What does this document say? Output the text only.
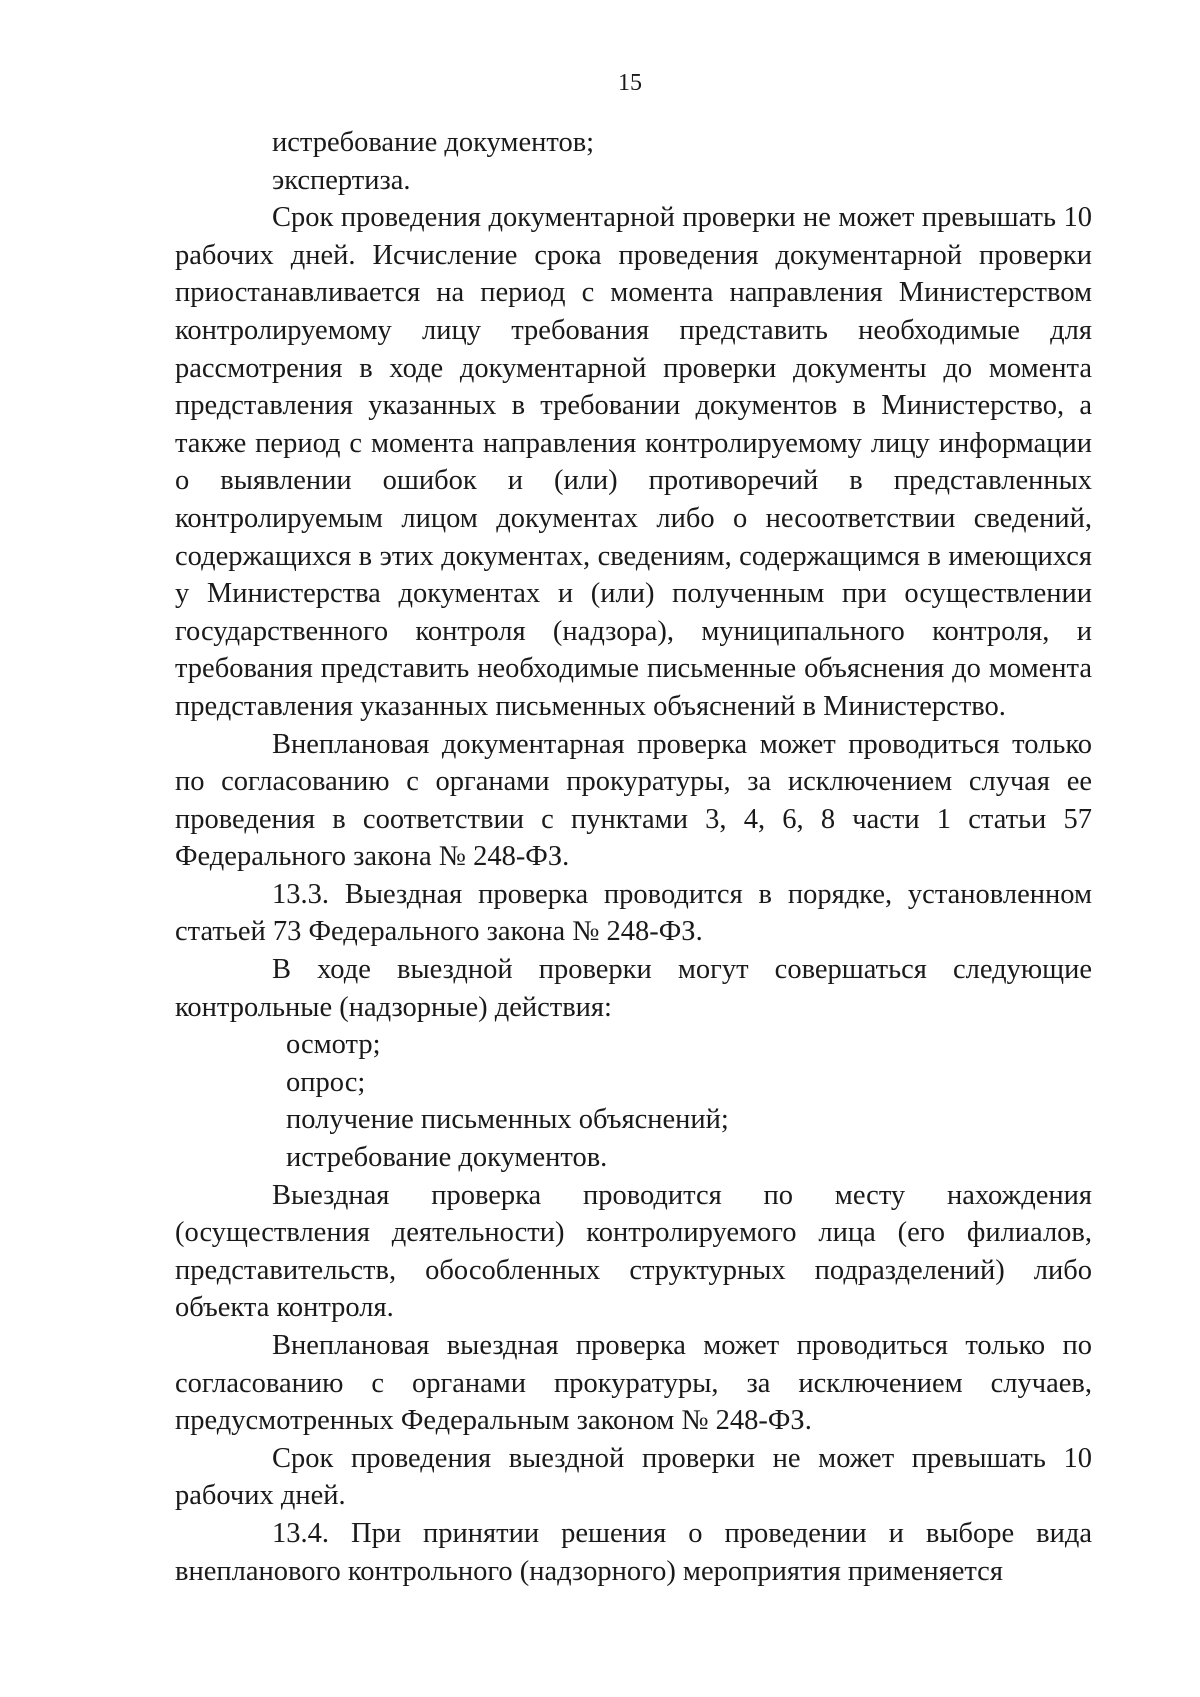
15
истребование документов;
экспертиза.
Срок проведения документарной проверки не может превышать 10 рабочих дней. Исчисление срока проведения документарной проверки приостанавливается на период с момента направления Министерством контролируемому лицу требования представить необходимые для рассмотрения в ходе документарной проверки документы до момента представления указанных в требовании документов в Министерство, а также период с момента направления контролируемому лицу информации о выявлении ошибок и (или) противоречий в представленных контролируемым лицом документах либо о несоответствии сведений, содержащихся в этих документах, сведениям, содержащимся в имеющихся у Министерства документах и (или) полученным при осуществлении государственного контроля (надзора), муниципального контроля, и требования представить необходимые письменные объяснения до момента представления указанных письменных объяснений в Министерство.
Внеплановая документарная проверка может проводиться только по согласованию с органами прокуратуры, за исключением случая ее проведения в соответствии с пунктами 3, 4, 6, 8 части 1 статьи 57 Федерального закона № 248-ФЗ.
13.3. Выездная проверка проводится в порядке, установленном статьей 73 Федерального закона № 248-ФЗ.
В ходе выездной проверки могут совершаться следующие контрольные (надзорные) действия:
осмотр;
опрос;
получение письменных объяснений;
истребование документов.
Выездная проверка проводится по месту нахождения (осуществления деятельности) контролируемого лица (его филиалов, представительств, обособленных структурных подразделений) либо объекта контроля.
Внеплановая выездная проверка может проводиться только по согласованию с органами прокуратуры, за исключением случаев, предусмотренных Федеральным законом № 248-ФЗ.
Срок проведения выездной проверки не может превышать 10 рабочих дней.
13.4. При принятии решения о проведении и выборе вида внепланового контрольного (надзорного) мероприятия применяется
